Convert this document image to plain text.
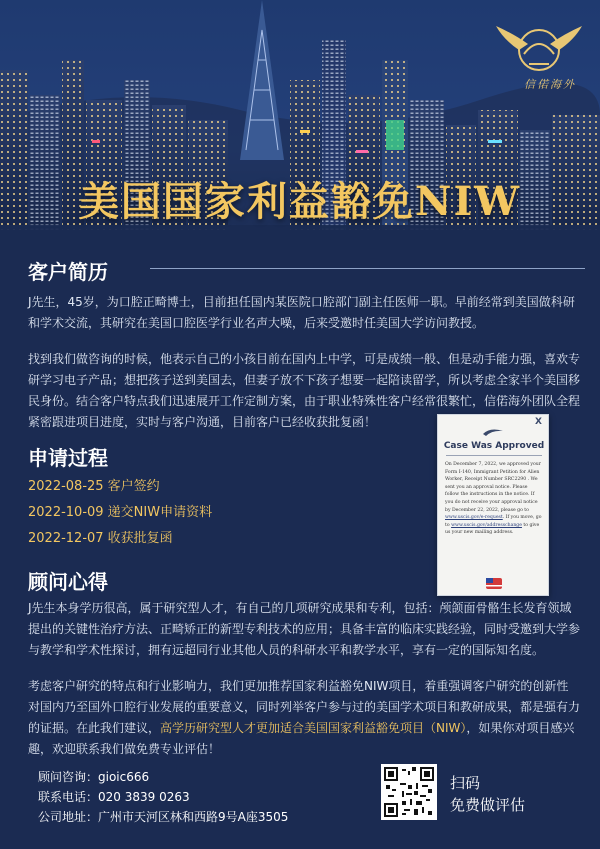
信偌海外
美国国家利益豁免NIW
客户简历
J先生，45岁，为口腔正畸博士，目前担任国内某医院口腔部门副主任医师一职。早前经常到美国做科研和学术交流，其研究在美国口腔医学行业名声大噪，后来受邀时任美国大学访问教授。
找到我们做咨询的时候，他表示自己的小孩目前在国内上中学，可是成绩一般、但是动手能力强，喜欢专研学习电子产品；想把孩子送到美国去，但妻子放不下孩子想要一起陪读留学，所以考虑全家半个美国移民身份。结合客户特点我们迅速展开工作定制方案，由于职业特殊性客户经常很繁忙，信偌海外团队全程紧密跟进项目进度，实时与客户沟通，目前客户已经收获批复函！
申请过程
2022-08-25 客户签约
2022-10-09 递交NIW申请资料
2022-12-07 收获批复函
X
Case Was Approved
On December 7, 2022, we approved your Form I-140, Immigrant Petition for Alien Worker, Receipt Number SRC2290 . We sent you an approval notice. Please follow the instructions in the notice. If you do not receive your approval notice by December 22, 2022, please go to www.uscis.gov/e-request. If you move, go to www.uscis.gov/addresschange to give us your new mailing address.
顾问心得
J先生本身学历很高，属于研究型人才，有自己的几项研究成果和专利，包括：颅颌面骨骼生长发育领域提出的关键性治疗方法、正畸矫正的新型专利技术的应用；具备丰富的临床实践经验，同时受邀到大学参与教学和学术性探讨，拥有远超同行业其他人员的科研水平和教学水平，享有一定的国际知名度。
考虑客户研究的特点和行业影响力，我们更加推荐国家利益豁免NIW项目，着重强调客户研究的创新性对国内乃至国外口腔行业发展的重要意义，同时列举客户参与过的美国学术项目和教研成果，都是强有力的证据。在此我们建议，高学历研究型人才更加适合美国国家利益豁免项目（NIW），如果你对项目感兴趣，欢迎联系我们做免费专业评估！
顾问咨询：gioic666
联系电话：020 3839 0263
公司地址：广州市天河区林和西路9号A座3505
扫码
免费做评估
